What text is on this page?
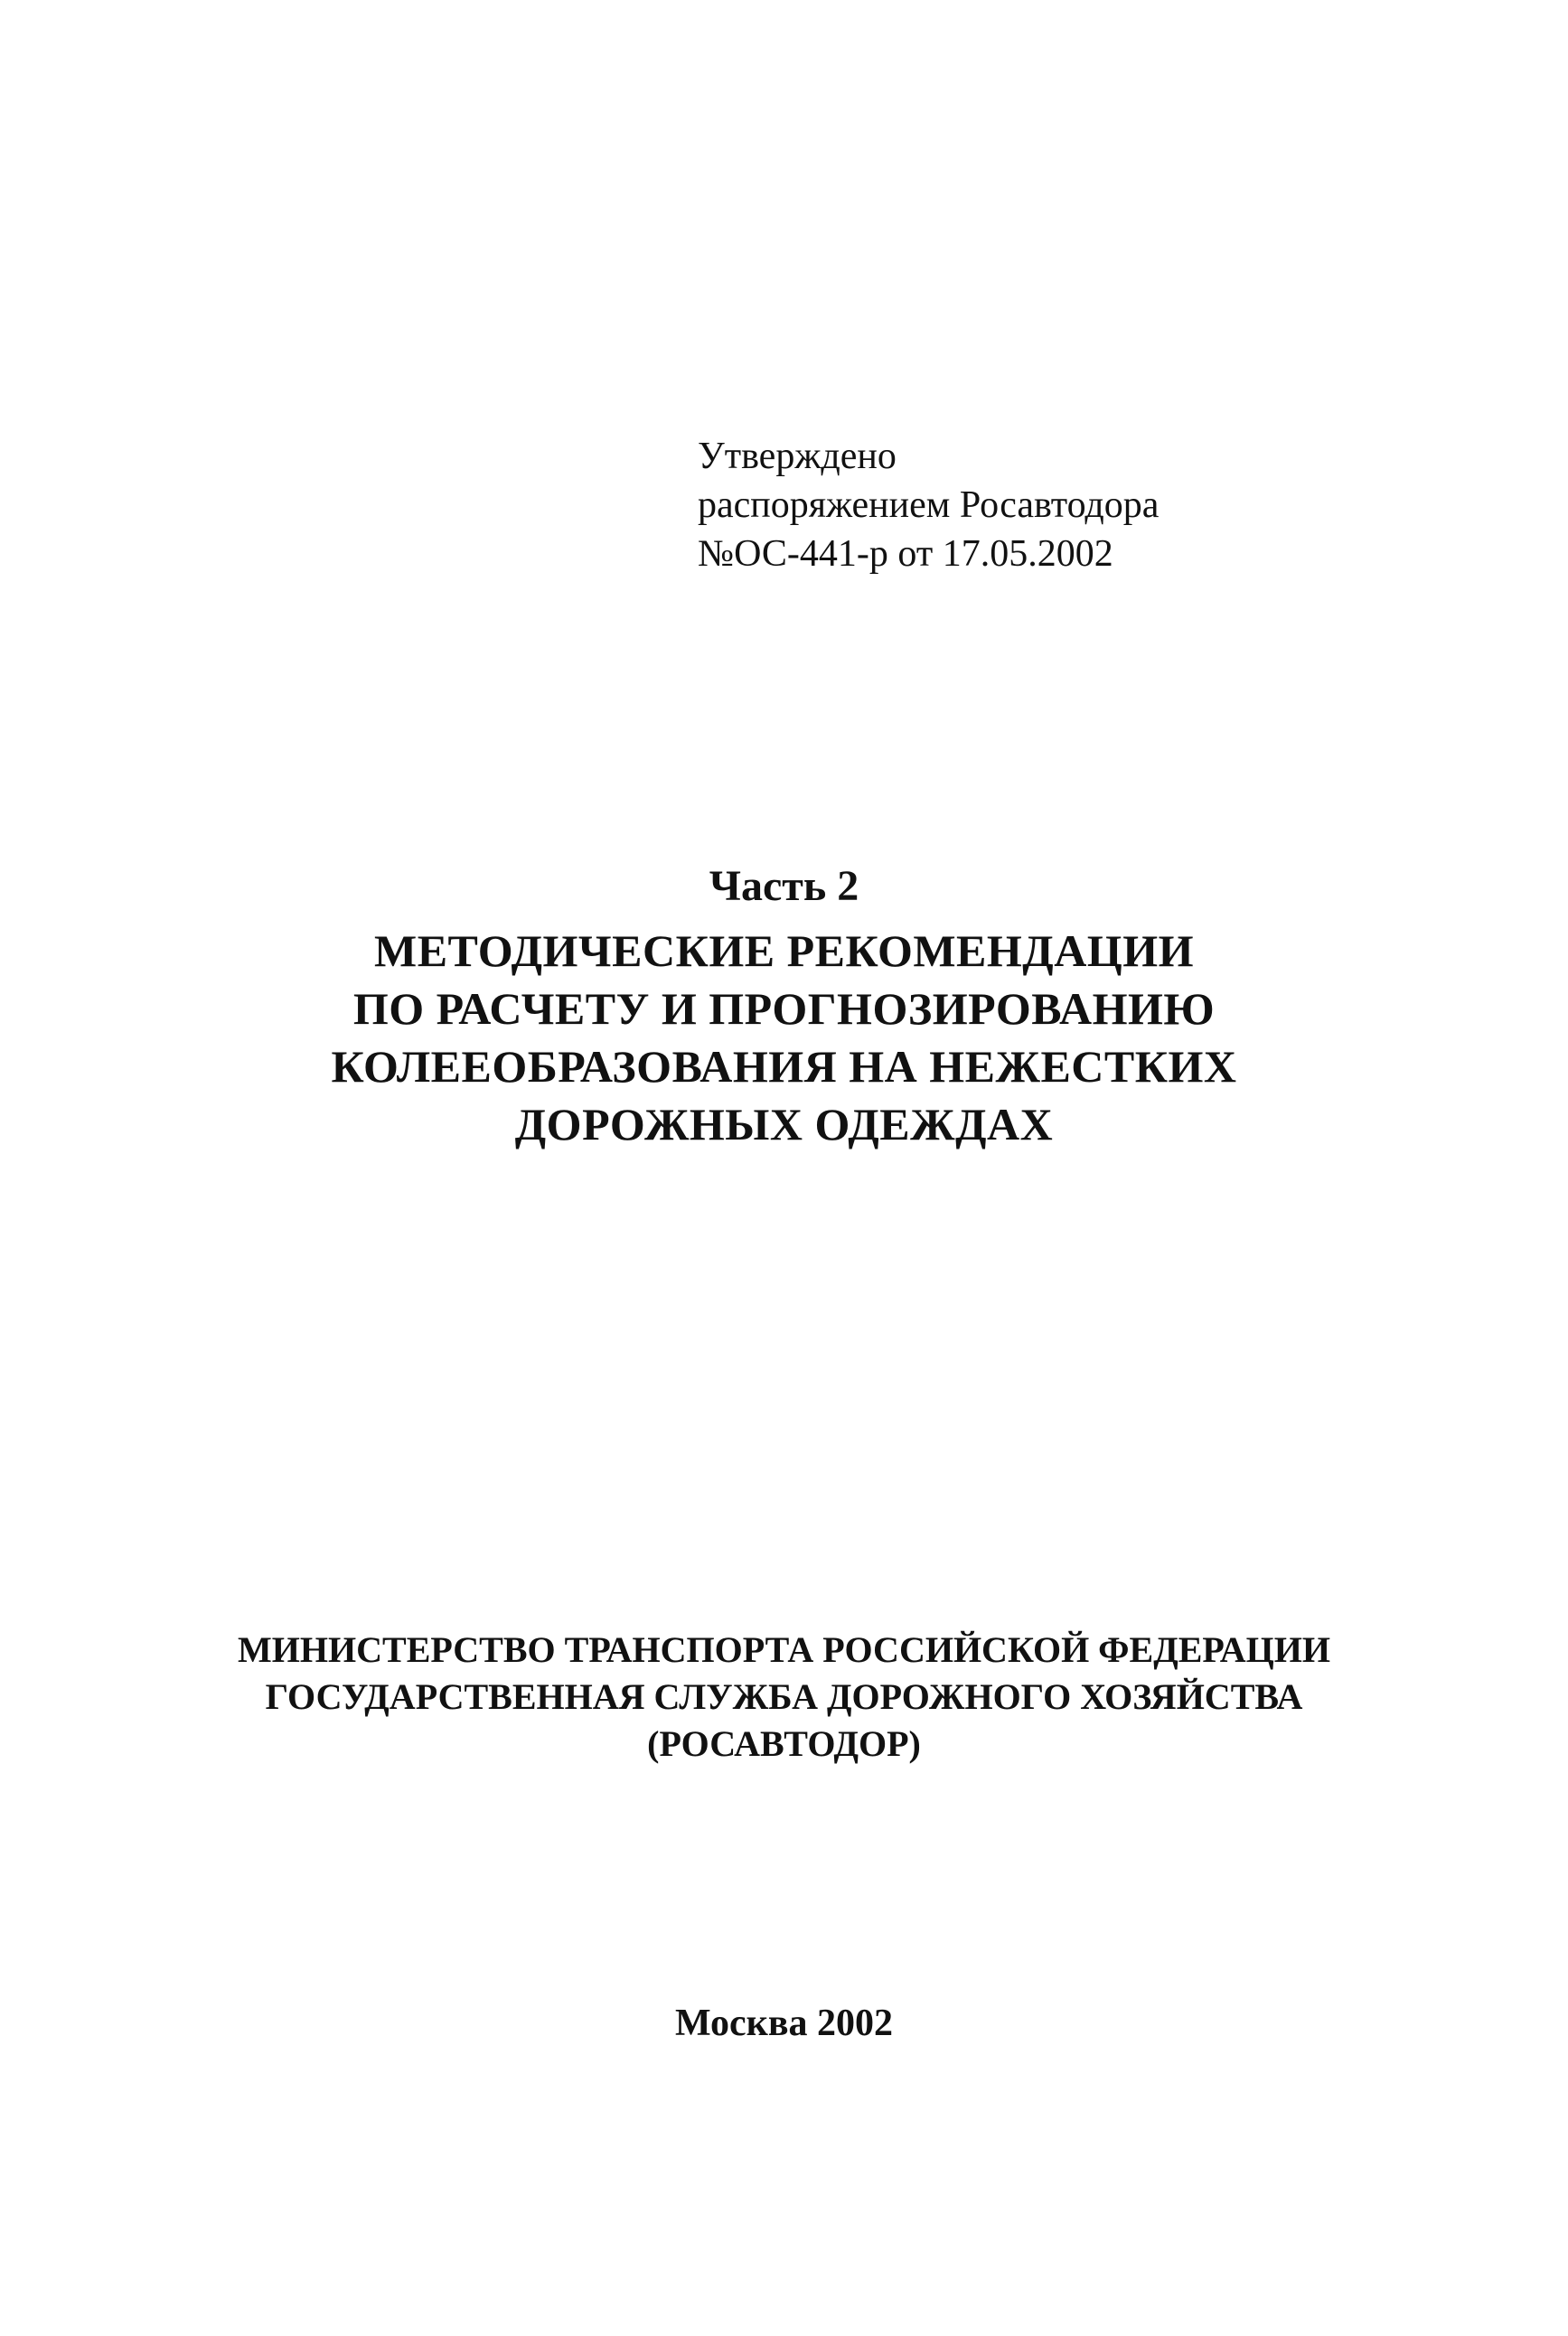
Утверждено
распоряжением Росавтодора
№ОС-441-р от 17.05.2002
Часть 2
МЕТОДИЧЕСКИЕ РЕКОМЕНДАЦИИ
ПО РАСЧЕТУ И ПРОГНОЗИРОВАНИЮ
КОЛЕЕОБРАЗОВАНИЯ НА НЕЖЕСТКИХ
ДОРОЖНЫХ ОДЕЖДАХ
МИНИСТЕРСТВО ТРАНСПОРТА РОССИЙСКОЙ ФЕДЕРАЦИИ
ГОСУДАРСТВЕННАЯ СЛУЖБА ДОРОЖНОГО ХОЗЯЙСТВА
(РОСАВТОДОР)
Москва 2002
